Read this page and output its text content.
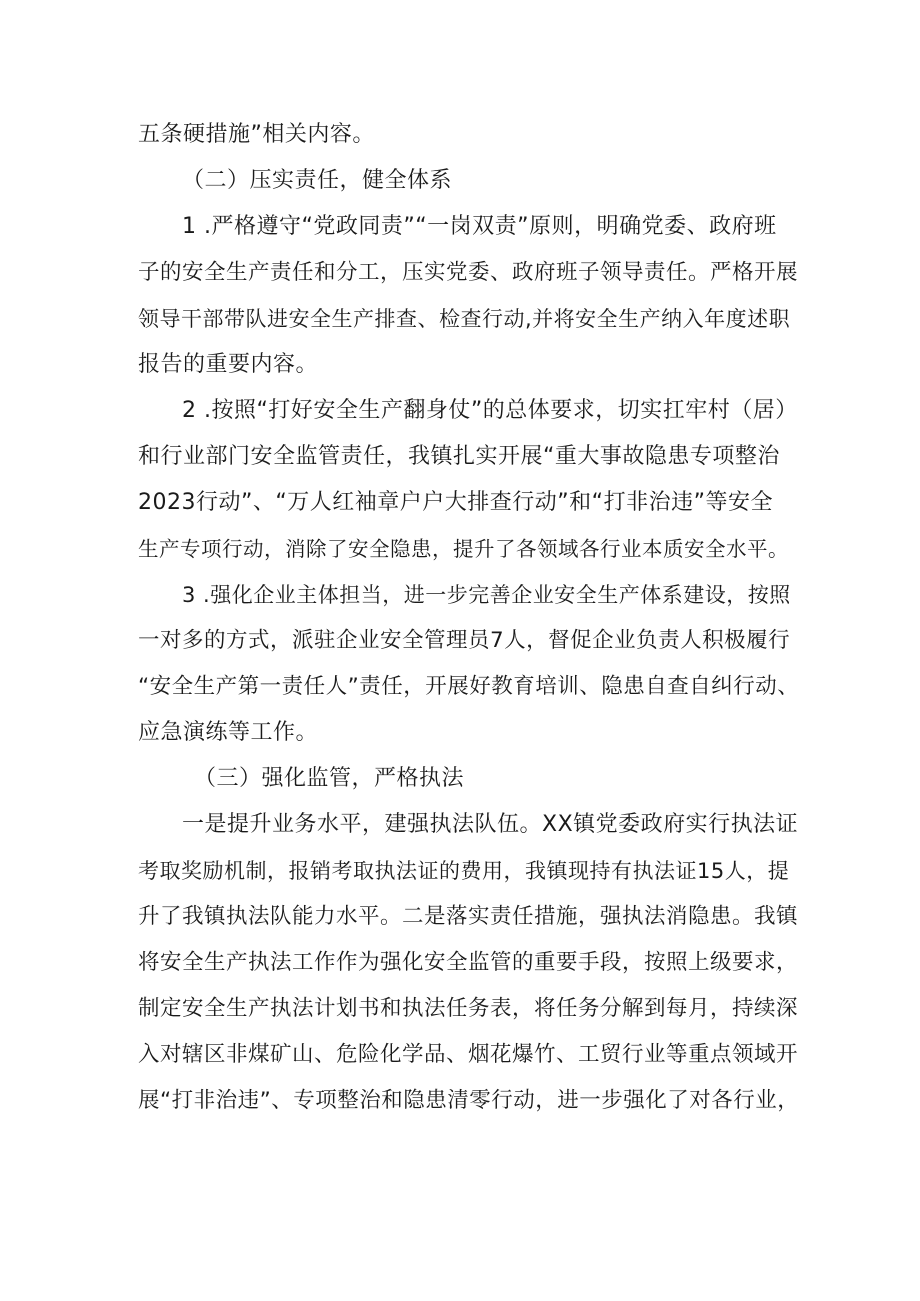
五条硬措施”相关内容。
（二）压实责任，健全体系
1 .严格遵守“党政同责”“一岗双责”原则，明确党委、政府班
子的安全生产责任和分工，压实党委、政府班子领导责任。严格开展
领导干部带队进安全生产排查、检查行动,并将安全生产纳入年度述职
报告的重要内容。
2 .按照“打好安全生产翻身仗”的总体要求，切实扛牢村（居）
和行业部门安全监管责任，我镇扎实开展“重大事故隐患专项整治
2023行动”、“万人红袖章户户大排查行动”和“打非治违”等安全
生产专项行动，消除了安全隐患，提升了各领域各行业本质安全水平。
3 .强化企业主体担当，进一步完善企业安全生产体系建设，按照
一对多的方式，派驻企业安全管理员7人，督促企业负责人积极履行
“安全生产第一责任人”责任，开展好教育培训、隐患自查自纠行动、
应急演练等工作。
（三）强化监管，严格执法
一是提升业务水平，建强执法队伍。XX镇党委政府实行执法证
考取奖励机制，报销考取执法证的费用，我镇现持有执法证15人，提
升了我镇执法队能力水平。二是落实责任措施，强执法消隐患。我镇
将安全生产执法工作作为强化安全监管的重要手段，按照上级要求，
制定安全生产执法计划书和执法任务表，将任务分解到每月，持续深
入对辖区非煤矿山、危险化学品、烟花爆竹、工贸行业等重点领域开
展“打非治违”、专项整治和隐患清零行动，进一步强化了对各行业，
